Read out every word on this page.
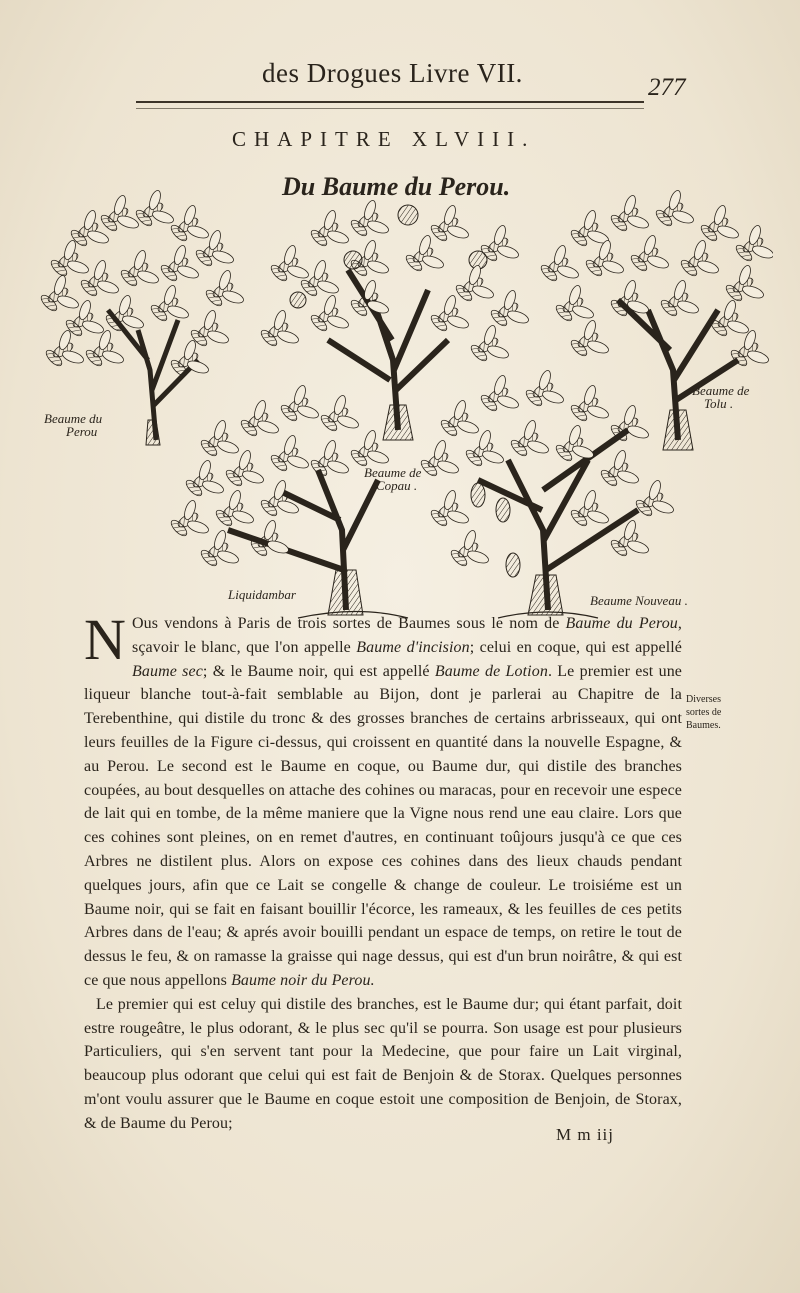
des Drogues Livre VII.	277
CHAPITRE XLVIII.
Du Baume du Perou.
Beaume du
Perou
Beaume de
Tolu .
Beaume de
Copau .
Liquidambar	Beaume Nouveau .

N Ous vendons à Paris de trois sortes de Baumes sous le nom de Baume du Perou, sçavoir le blanc, que l'on appelle Baume d'incision; celui en coque, qui est appellé Baume sec; & le Baume noir, qui est appellé Baume de Lotion. Le premier est une liqueur blanche tout-à-fait semblable au Bijon, dont je parlerai au Chapitre de la Terebenthine, qui distile du tronc & des grosses branches de certains arbrisseaux, qui ont leurs feuilles de la Figure ci-dessus, qui croissent en quantité dans la nouvelle Espagne, & au Perou. Le second est le Baume en coque, ou Baume dur, qui distile des branches coupées, au bout desquelles on attache des cohines ou maracas, pour en recevoir une espece de lait qui en tombe, de la même maniere que la Vigne nous rend une eau claire. Lors que ces cohines sont pleines, on en remet d'autres, en continuant toûjours jusqu'à ce que ces Arbres ne distilent plus. Alors on expose ces cohines dans des lieux chauds pendant quelques jours, afin que ce Lait se congelle & change de couleur. Le troisiéme est un Baume noir, qui se fait en faisant bouillir l'écorce, les rameaux, & les feuilles de ces petits Arbres dans de l'eau; & aprés avoir bouilli pendant un espace de temps, on retire le tout de dessus le feu, & on ramasse la graisse qui nage dessus, qui est d'un brun noirâtre, & qui est ce que nous appellons Baume noir du Perou.

Le premier qui est celuy qui distile des branches, est le Baume dur; qui étant parfait, doit estre rougeâtre, le plus odorant, & le plus sec qu'il se pourra. Son usage est pour plusieurs Particuliers, qui s'en servent tant pour la Medecine, que pour faire un Lait virginal, beaucoup plus odorant que celui qui est fait de Benjoin & de Storax. Quelques personnes m'ont voulu assurer que le Baume en coque estoit une composition de Benjoin, de Storax, & de Baume du Perou;

Diverses
sortes de
Baumes.
M m iij
